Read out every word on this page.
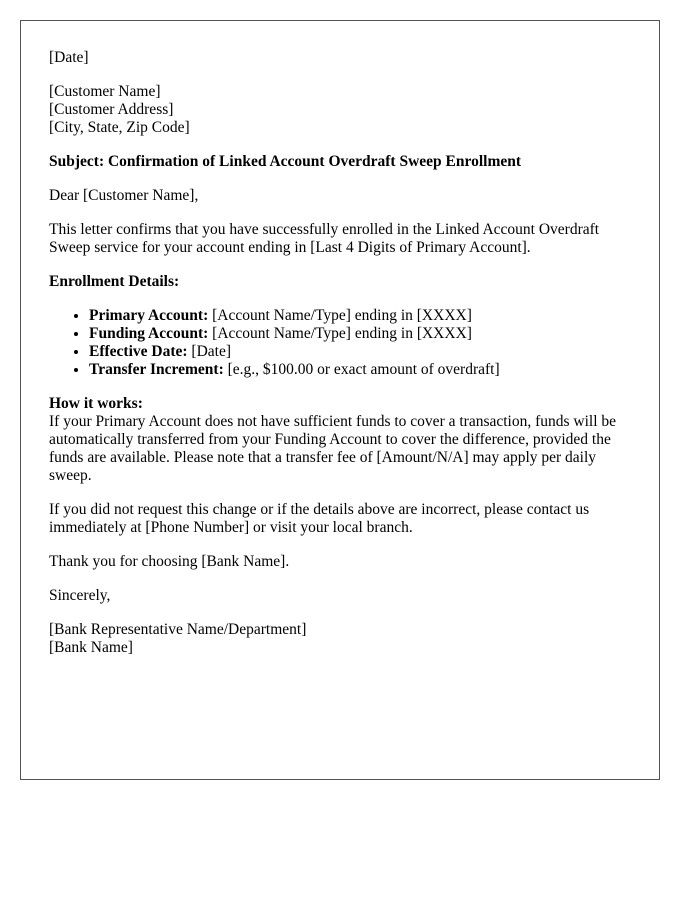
[Date]

[Customer Name]
[Customer Address]
[City, State, Zip Code]

Subject: Confirmation of Linked Account Overdraft Sweep Enrollment

Dear [Customer Name],

This letter confirms that you have successfully enrolled in the Linked Account Overdraft Sweep service for your account ending in [Last 4 Digits of Primary Account].

Enrollment Details:

• Primary Account: [Account Name/Type] ending in [XXXX]
• Funding Account: [Account Name/Type] ending in [XXXX]
• Effective Date: [Date]
• Transfer Increment: [e.g., $100.00 or exact amount of overdraft]
How it works:
If your Primary Account does not have sufficient funds to cover a transaction, funds will be automatically transferred from your Funding Account to cover the difference, provided the funds are available. Please note that a transfer fee of [Amount/N/A] may apply per daily sweep.

If you did not request this change or if the details above are incorrect, please contact us immediately at [Phone Number] or visit your local branch.

Thank you for choosing [Bank Name].

Sincerely,

[Bank Representative Name/Department]
[Bank Name]
